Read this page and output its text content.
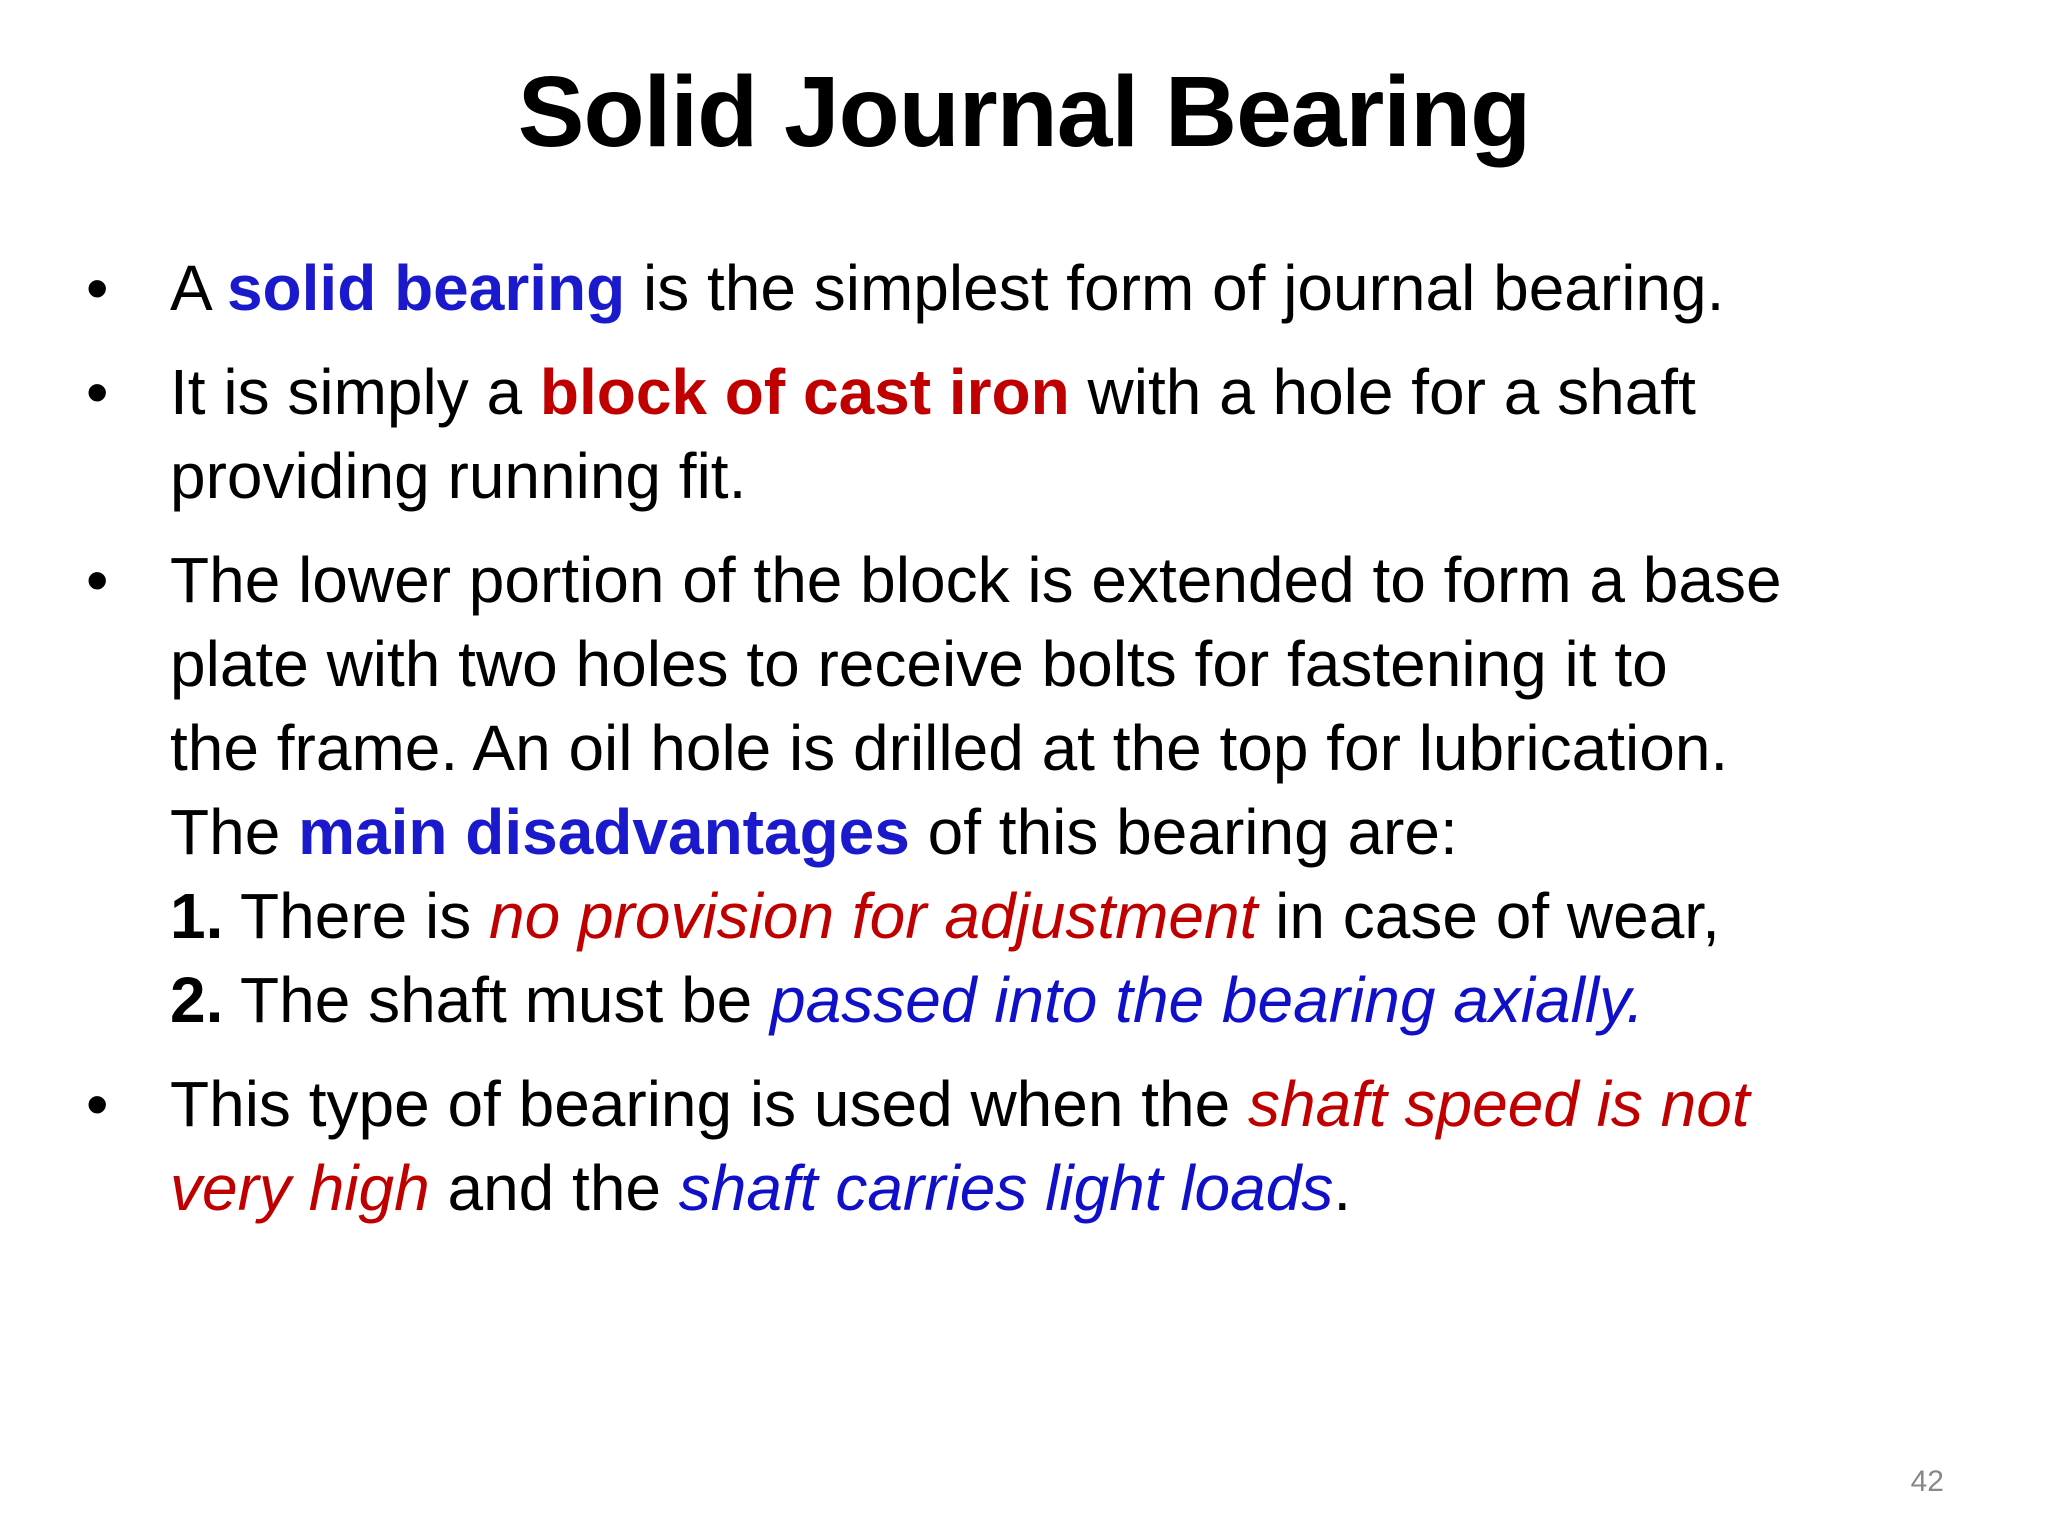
Solid Journal Bearing
• A solid bearing is the simplest form of journal bearing.
• It is simply a block of cast iron with a hole for a shaft
providing running fit.
• The lower portion of the block is extended to form a base
plate with two holes to receive bolts for fastening it to
the frame. An oil hole is drilled at the top for lubrication.
The main disadvantages of this bearing are:
1. There is no provision for adjustment in case of wear,
2. The shaft must be passed into the bearing axially.
• This type of bearing is used when the shaft speed is not
very high and the shaft carries light loads.
42
